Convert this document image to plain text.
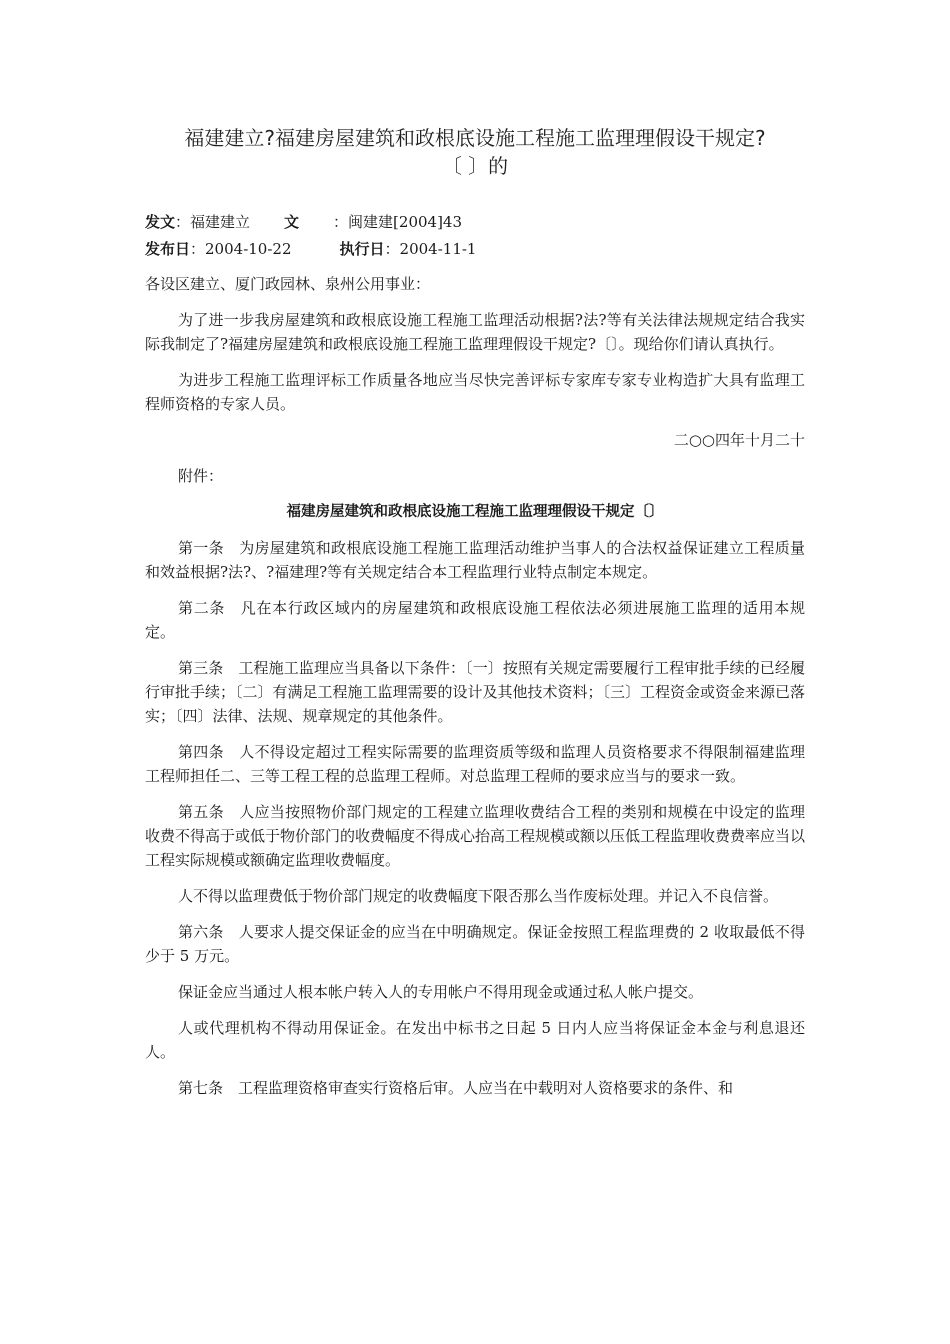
福建建立?福建房屋建筑和政根底设施工程施工监理理假设干规定?
〔 〕的
发文：福建建立 文 ：闽建建[2004]43
发布日：2004-10-22	执行日：2004-11-1

各设区建立、厦门政园林、泉州公用事业：

为了进一步我房屋建筑和政根底设施工程施工监理活动根据?法?等有关法律法规规定结合我实际我制定了?福建房屋建筑和政根底设施工程施工监理理假设干规定?〔〕。现给你们请认真执行。

为进步工程施工监理评标工作质量各地应当尽快完善评标专家库专家专业构造扩大具有监理工程师资格的专家人员。

二○○四年十月二十

附件：

福建房屋建筑和政根底设施工程施工监理理假设干规定〔〕

第一条　为房屋建筑和政根底设施工程施工监理活动维护当事人的合法权益保证建立工程质量和效益根据?法?、?福建理?等有关规定结合本工程监理行业特点制定本规定。

第二条　凡在本行政区域内的房屋建筑和政根底设施工程依法必须进展施工监理的适用本规定。

第三条　工程施工监理应当具备以下条件：〔一〕按照有关规定需要履行工程审批手续的已经履行审批手续；〔二〕有满足工程施工监理需要的设计及其他技术资料；〔三〕工程资金或资金来源已落实；〔四〕法律、法规、规章规定的其他条件。

第四条　人不得设定超过工程实际需要的监理资质等级和监理人员资格要求不得限制福建监理工程师担任二、三等工程工程的总监理工程师。对总监理工程师的要求应当与的要求一致。

第五条　人应当按照物价部门规定的工程建立监理收费结合工程的类别和规模在中设定的监理收费不得高于或低于物价部门的收费幅度不得成心抬高工程规模或额以压低工程监理收费费率应当以工程实际规模或额确定监理收费幅度。

人不得以监理费低于物价部门规定的收费幅度下限否那么当作废标处理。并记入不良信誉。

第六条　人要求人提交保证金的应当在中明确规定。保证金按照工程监理费的 2 收取最低不得少于 5 万元。

保证金应当通过人根本帐户转入人的专用帐户不得用现金或通过私人帐户提交。

人或代理机构不得动用保证金。在发出中标书之日起 5 日内人应当将保证金本金与利息退还人。

第七条　工程监理资格审查实行资格后审。人应当在中载明对人资格要求的条件、和
